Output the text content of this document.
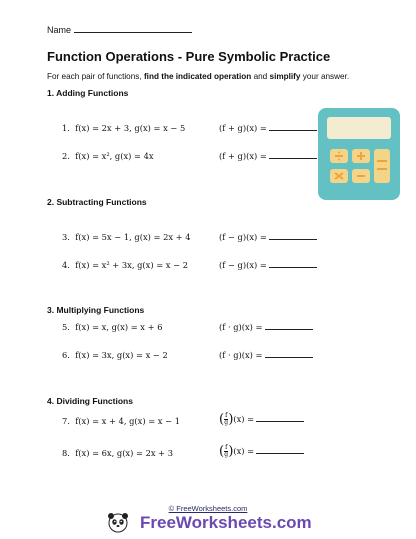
Name
Function Operations - Pure Symbolic Practice
For each pair of functions, find the indicated operation and simplify your answer.
1. Adding Functions
1. f(x) = 2x + 3, g(x) = x − 5	(f + g)(x) =
2. f(x) = x², g(x) = 4x	(f + g)(x) =
2. Subtracting Functions
3. f(x) = 5x − 1, g(x) = 2x + 4	(f − g)(x) =
4. f(x) = x² + 3x, g(x) = x − 2	(f − g)(x) =
3. Multiplying Functions
5. f(x) = x, g(x) = x + 6	(f · g)(x) =
6. f(x) = 3x, g(x) = x − 2	(f · g)(x) =
4. Dividing Functions
7. f(x) = x + 4, g(x) = x − 1	( $\frac{f}{g} )(x)$ =
8. f(x) = 6x, g(x) = 2x + 3	( $\frac{f}{g} )(x)$ =
© FreeWorksheets.com
FreeWorksheets.com
